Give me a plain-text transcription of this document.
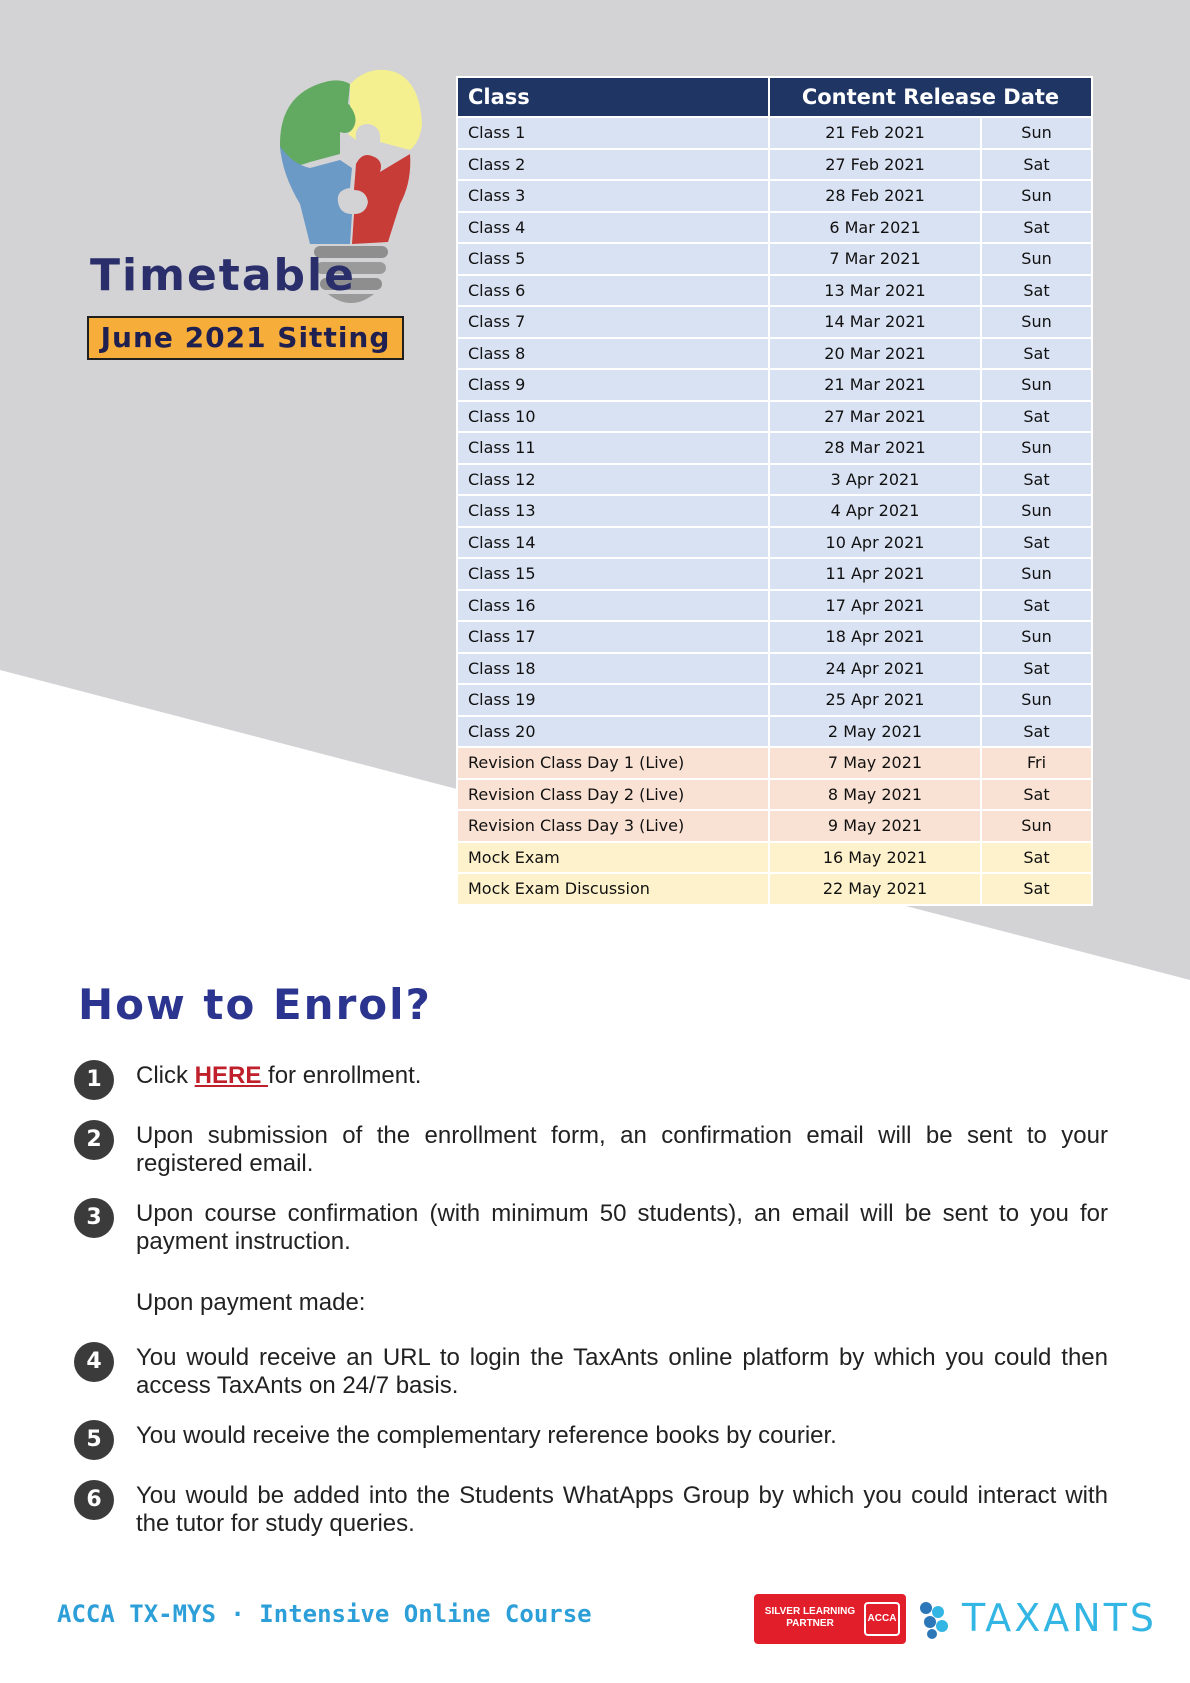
Timetable
June 2021 Sitting
Class	Content Release Date	
Class 1	21 Feb 2021	Sun
Class 2	27 Feb 2021	Sat
Class 3	28 Feb 2021	Sun
Class 4	6 Mar 2021	Sat
Class 5	7 Mar 2021	Sun
Class 6	13 Mar 2021	Sat
Class 7	14 Mar 2021	Sun
Class 8	20 Mar 2021	Sat
Class 9	21 Mar 2021	Sun
Class 10	27 Mar 2021	Sat
Class 11	28 Mar 2021	Sun
Class 12	3 Apr 2021	Sat
Class 13	4 Apr 2021	Sun
Class 14	10 Apr 2021	Sat
Class 15	11 Apr 2021	Sun
Class 16	17 Apr 2021	Sat
Class 17	18 Apr 2021	Sun
Class 18	24 Apr 2021	Sat
Class 19	25 Apr 2021	Sun
Class 20	2 May 2021	Sat
Revision Class Day 1 (Live)	7 May 2021	Fri
Revision Class Day 2 (Live)	8 May 2021	Sat
Revision Class Day 3 (Live)	9 May 2021	Sun
Mock Exam	16 May 2021	Sat
Mock Exam Discussion	22 May 2021	Sat
How to Enrol?
1	Click HERE for enrollment.
2	Upon submission of the enrollment form, an confirmation email will be sent to your registered email.
3	Upon course confirmation (with minimum 50 students), an email will be sent to you for payment instruction.
Upon payment made:
4	You would receive an URL to login the TaxAnts online platform by which you could then access TaxAnts on 24/7 basis.
5	You would receive the complementary reference books by courier.
6	You would be added into the Students WhatApps Group by which you could interact with the tutor for study queries.
ACCA TX-MYS · Intensive Online Course	SILVER LEARNING PARTNER	ACCA TAXANTS
